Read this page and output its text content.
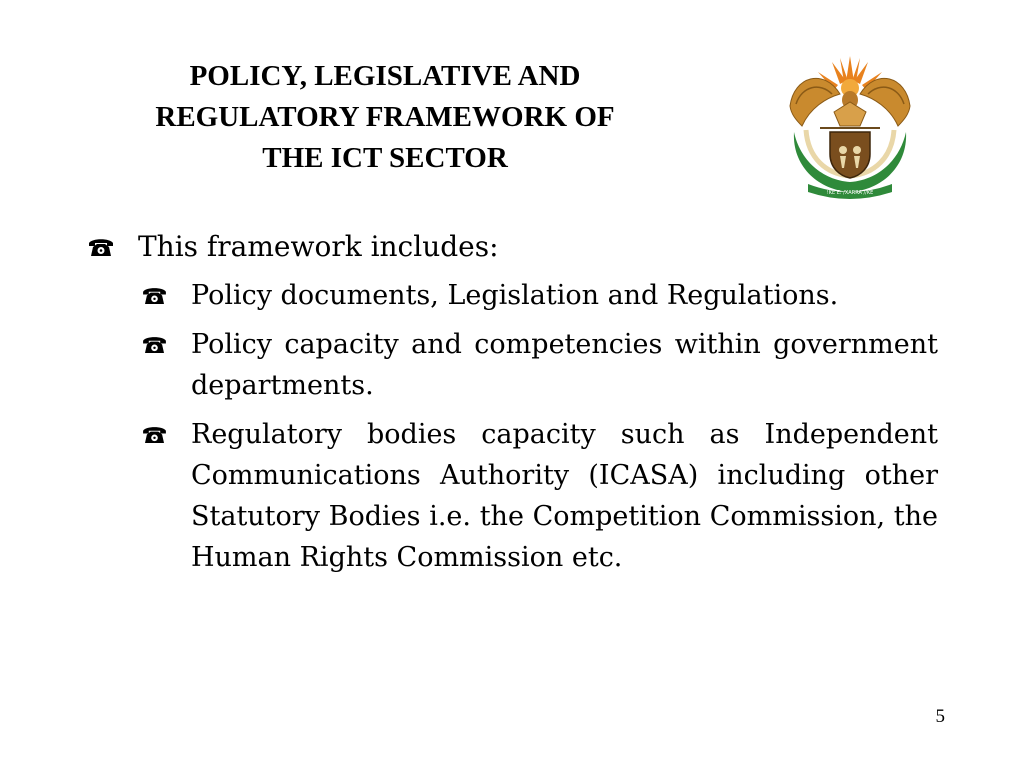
POLICY, LEGISLATIVE AND
REGULATORY FRAMEWORK OF
THE ICT SECTOR
!KE E: /XARRA //KE
This framework includes:
Policy documents, Legislation and Regulations.
Policy capacity and competencies within government departments.
Regulatory bodies capacity such as Independent Communications Authority (ICASA) including other Statutory Bodies i.e. the Competition Commission, the Human Rights Commission etc.
5
